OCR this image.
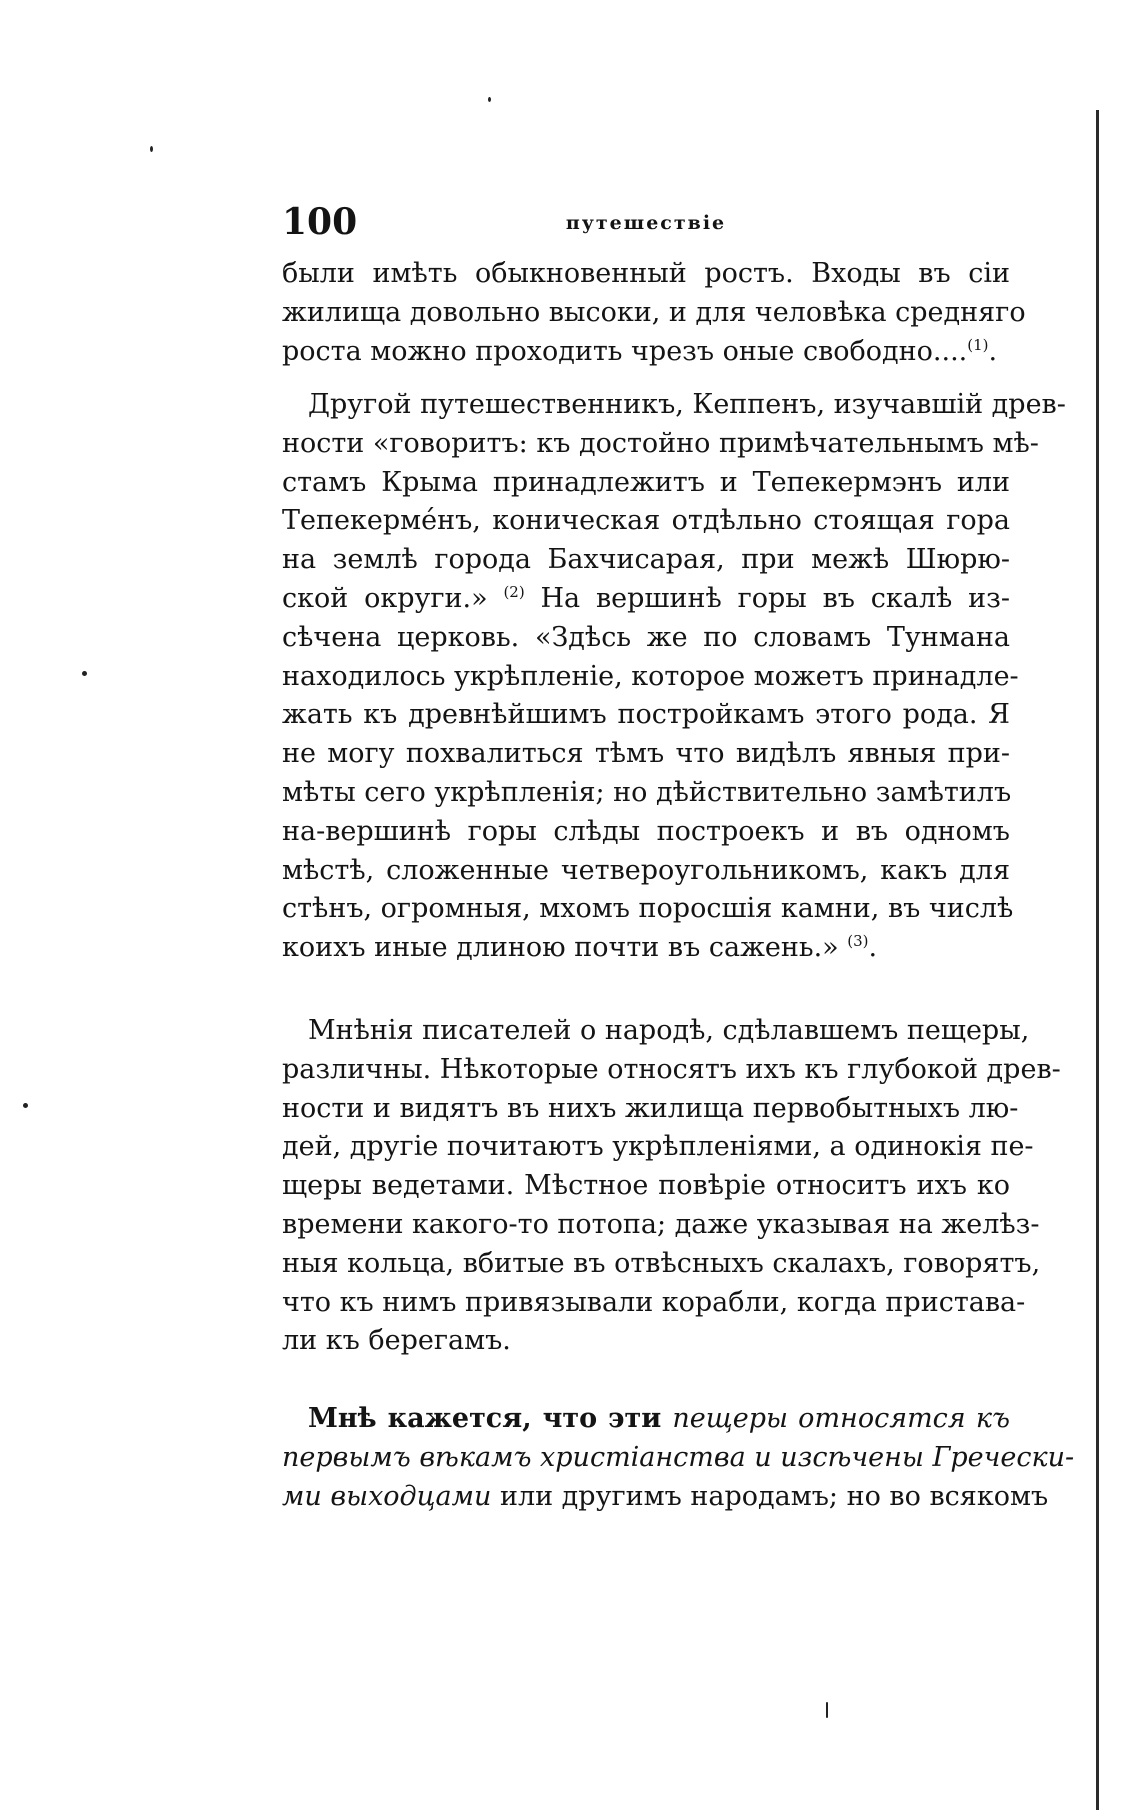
100	путешествіе
были имѣть обыкновенный ростъ. Входы въ сіи
жилища довольно высоки, и для человѣка средняго
роста можно проходить чрезъ оные свободно....$^{(1)}$.
Другой путешественникъ, Кеппенъ, изучавшій древ-
ности «говоритъ: къ достойно примѣчательнымъ мѣ-
стамъ Крыма принадлежитъ и Тепекермэнъ или
Тепекерме́нъ, коническая отдѣльно стоящая гора
на землѣ города Бахчисарая, при межѣ Шюрю-
ской округи.» $^{(2)}$ На вершинѣ горы въ скалѣ из-
сѣчена церковь. «Здѣсь же по словамъ Тунмана
находилось укрѣпленіе, которое можетъ принадле-
жать къ древнѣйшимъ постройкамъ этого рода. Я
не могу похвалиться тѣмъ что видѣлъ явныя при-
мѣты сего укрѣпленія; но дѣйствительно замѣтилъ
на-вершинѣ горы слѣды построекъ и въ одномъ
мѣстѣ, сложенные четвероугольникомъ, какъ для
стѣнъ, огромныя, мхомъ поросшія камни, въ числѣ
коихъ иные длиною почти въ сажень.» $^{(3)}$.
Мнѣнія писателей о народѣ, сдѣлавшемъ пещеры,
различны. Нѣкоторые относятъ ихъ къ глубокой древ-
ности и видятъ въ нихъ жилища первобытныхъ лю-
дей, другіе почитаютъ укрѣпленіями, а одинокія пе-
щеры ведетами. Мѣстное повѣріе относитъ ихъ ко
времени какого-то потопа; даже указывая на желѣз-
ныя кольца, вбитые въ отвѣсныхъ скалахъ, говорятъ,
что къ нимъ привязывали корабли, когда пристава-
ли къ берегамъ.
Мнѣ кажется, что эти пещеры относятся къ
первымъ вѣкамъ христіанства и изсѣчены Гречески-
ми выходцами или другимъ народамъ; но во всякомъ
